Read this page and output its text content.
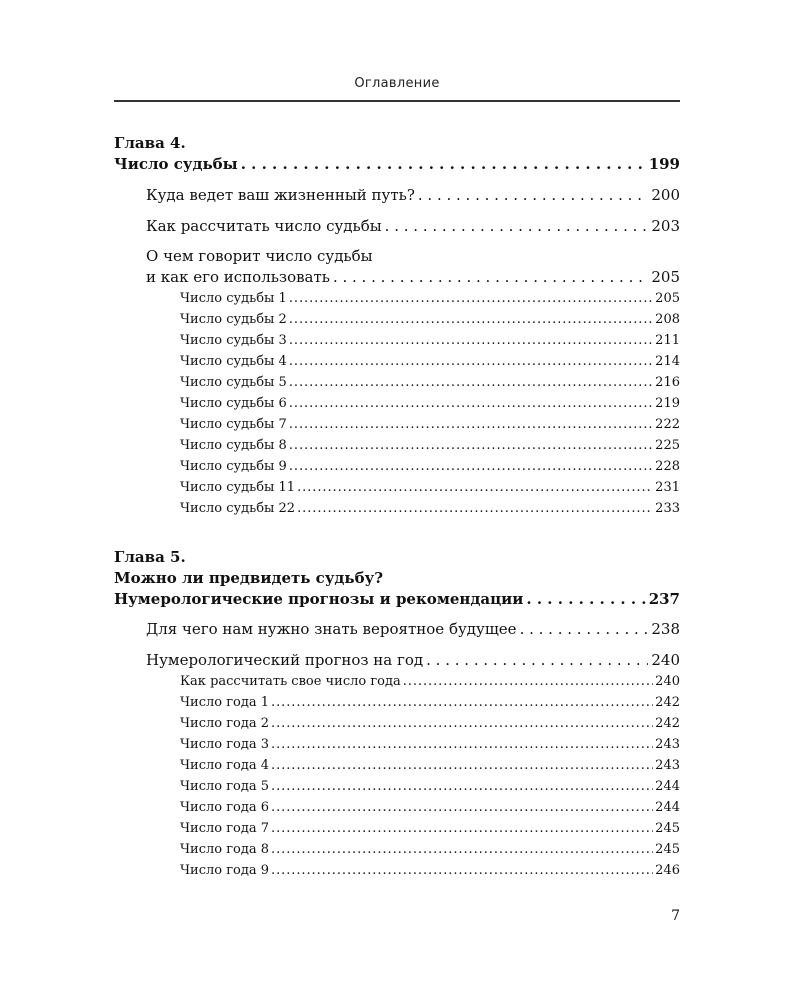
Оглавление
Глава 4.
Число судьбы . . .	199
Куда ведет ваш жизненный путь? . . .	200
Как рассчитать число судьбы . . .	203
О чем говорит число судьбы
и как его использовать . . .	205
Число судьбы 1 . . .	205
Число судьбы 2 . . .	208
Число судьбы 3 . . .	211
Число судьбы 4 . . .	214
Число судьбы 5 . . .	216
Число судьбы 6 . . .	219
Число судьбы 7 . . .	222
Число судьбы 8 . . .	225
Число судьбы 9 . . .	228
Число судьбы 11 . . .	231
Число судьбы 22 . . .	233
Глава 5.
Можно ли предвидеть судьбу?
Нумерологические прогнозы и рекомендации . . .	237
Для чего нам нужно знать вероятное будущее . . .	238
Нумерологический прогноз на год . . .	240
Как рассчитать свое число года . . .	240
Число года 1 . . .	242
Число года 2 . . .	242
Число года 3 . . .	243
Число года 4 . . .	243
Число года 5 . . .	244
Число года 6 . . .	244
Число года 7 . . .	245
Число года 8 . . .	245
Число года 9 . . .	246
7
